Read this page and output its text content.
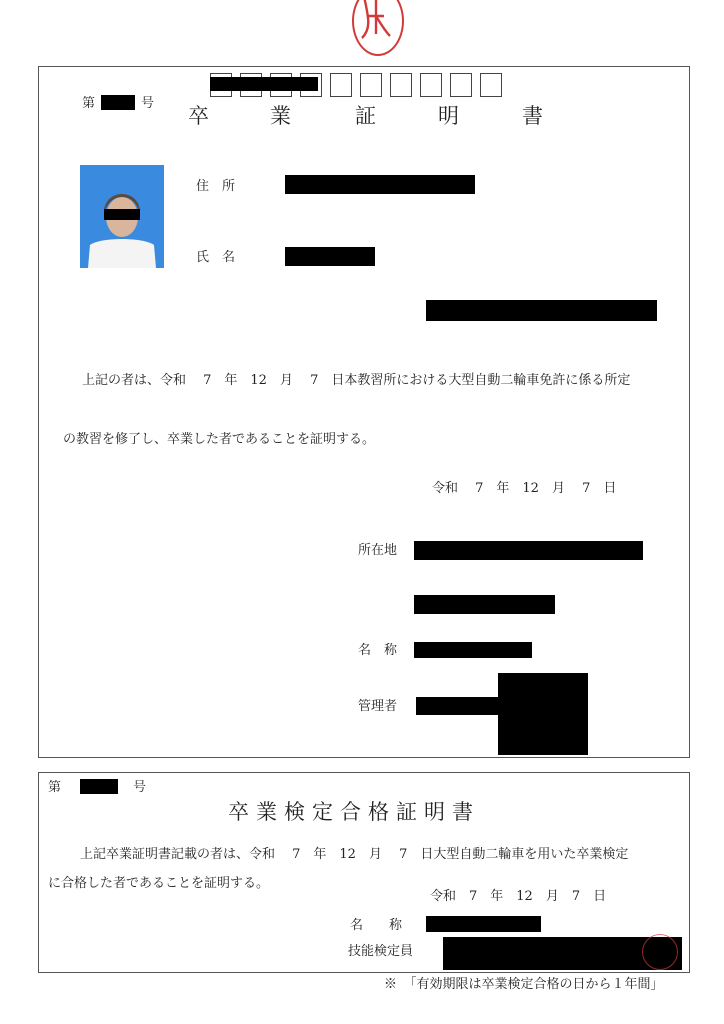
第	号
卒	業	証	明	書
住　所
氏　名
上記の者は、令和　 7　年　12　月　 7　日本教習所における大型自動二輪車免許に係る所定
の教習を修了し、卒業した者であることを証明する。
令和　 7　年　12　月　 7　日
所在地
名　称
管理者
第	号
卒業検定合格証明書
上記卒業証明書記載の者は、令和　 7　年　12　月　 7　日大型自動二輪車を用いた卒業検定
に合格した者であることを証明する。
令和　7　年　12　月　7　日
名　　称
技能検定員
※　「有効期限は卒業検定合格の日から１年間」
